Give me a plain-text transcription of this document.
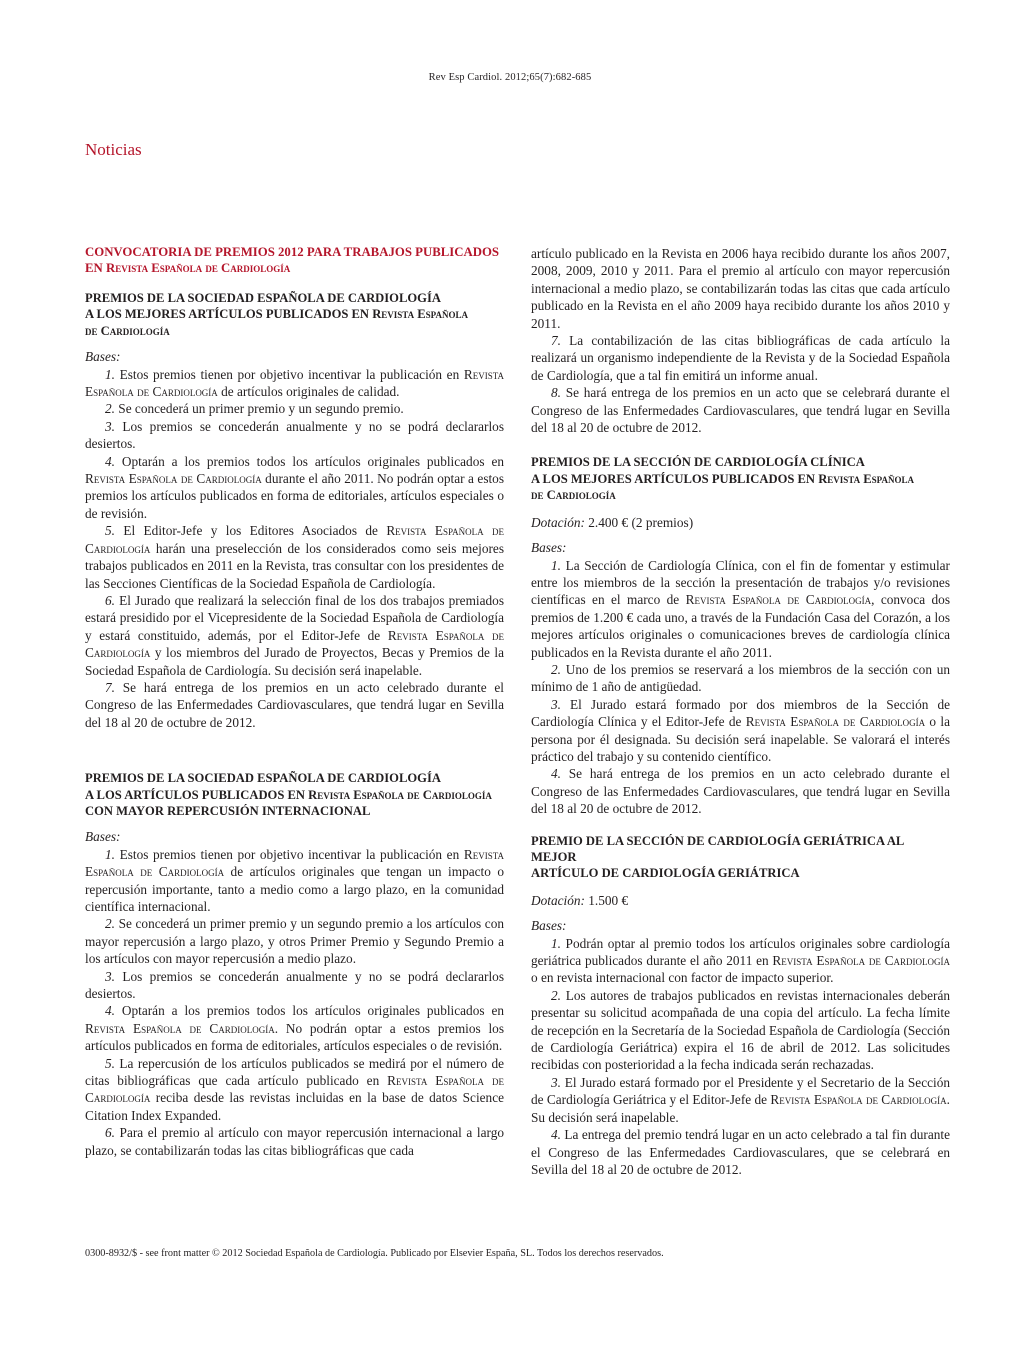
Rev Esp Cardiol. 2012;65(7):682-685
Noticias
CONVOCATORIA DE PREMIOS 2012 PARA TRABAJOS PUBLICADOS
EN Revista Española de Cardiología
PREMIOS DE LA SOCIEDAD ESPAÑOLA DE CARDIOLOGÍA
A LOS MEJORES ARTÍCULOS PUBLICADOS EN Revista Española
de Cardiología

Bases:

1. Estos premios tienen por objetivo incentivar la publicación en Revista Española de Cardiología de artículos originales de calidad.

2. Se concederá un primer premio y un segundo premio.

3. Los premios se concederán anualmente y no se podrá declararlos desiertos.

4. Optarán a los premios todos los artículos originales publicados en Revista Española de Cardiología durante el año 2011. No podrán optar a estos premios los artículos publicados en forma de editoriales, artículos especiales o de revisión.

5. El Editor-Jefe y los Editores Asociados de Revista Española de Cardiología harán una preselección de los considerados como seis mejores trabajos publicados en 2011 en la Revista, tras consultar con los presidentes de las Secciones Científicas de la Sociedad Española de Cardiología.

6. El Jurado que realizará la selección final de los dos trabajos premiados estará presidido por el Vicepresidente de la Sociedad Española de Cardiología y estará constituido, además, por el Editor-Jefe de Revista Española de Cardiología y los miembros del Jurado de Proyectos, Becas y Premios de la Sociedad Española de Cardiología. Su decisión será inapelable.

7. Se hará entrega de los premios en un acto celebrado durante el Congreso de las Enfermedades Cardiovasculares, que tendrá lugar en Sevilla del 18 al 20 de octubre de 2012.

PREMIOS DE LA SOCIEDAD ESPAÑOLA DE CARDIOLOGÍA
A LOS ARTÍCULOS PUBLICADOS EN Revista Española de Cardiología
CON MAYOR REPERCUSIÓN INTERNACIONAL

Bases:

1. Estos premios tienen por objetivo incentivar la publicación en Revista Española de Cardiología de artículos originales que tengan un impacto o repercusión importante, tanto a medio como a largo plazo, en la comunidad científica internacional.

2. Se concederá un primer premio y un segundo premio a los artículos con mayor repercusión a largo plazo, y otros Primer Premio y Segundo Premio a los artículos con mayor repercusión a medio plazo.

3. Los premios se concederán anualmente y no se podrá declararlos desiertos.

4. Optarán a los premios todos los artículos originales publicados en Revista Española de Cardiología. No podrán optar a estos premios los artículos publicados en forma de editoriales, artículos especiales o de revisión.

5. La repercusión de los artículos publicados se medirá por el número de citas bibliográficas que cada artículo publicado en Revista Española de Cardiología reciba desde las revistas incluidas en la base de datos Science Citation Index Expanded.

6. Para el premio al artículo con mayor repercusión internacional a largo plazo, se contabilizarán todas las citas bibliográficas que cada

artículo publicado en la Revista en 2006 haya recibido durante los años 2007, 2008, 2009, 2010 y 2011. Para el premio al artículo con mayor repercusión internacional a medio plazo, se contabilizarán todas las citas que cada artículo publicado en la Revista en el año 2009 haya recibido durante los años 2010 y 2011.

7. La contabilización de las citas bibliográficas de cada artículo la realizará un organismo independiente de la Revista y de la Sociedad Española de Cardiología, que a tal fin emitirá un informe anual.

8. Se hará entrega de los premios en un acto que se celebrará durante el Congreso de las Enfermedades Cardiovasculares, que tendrá lugar en Sevilla del 18 al 20 de octubre de 2012.

PREMIOS DE LA SECCIÓN DE CARDIOLOGÍA CLÍNICA
A LOS MEJORES ARTÍCULOS PUBLICADOS EN Revista Española
de Cardiología

Dotación: 2.400 € (2 premios)

Bases:

1. La Sección de Cardiología Clínica, con el fin de fomentar y estimular entre los miembros de la sección la presentación de trabajos y/o revisiones científicas en el marco de Revista Española de Cardiología, convoca dos premios de 1.200 € cada uno, a través de la Fundación Casa del Corazón, a los mejores artículos originales o comunicaciones breves de cardiología clínica publicados en la Revista durante el año 2011.

2. Uno de los premios se reservará a los miembros de la sección con un mínimo de 1 año de antigüedad.

3. El Jurado estará formado por dos miembros de la Sección de Cardiología Clínica y el Editor-Jefe de Revista Española de Cardiología o la persona por él designada. Su decisión será inapelable. Se valorará el interés práctico del trabajo y su contenido científico.

4. Se hará entrega de los premios en un acto celebrado durante el Congreso de las Enfermedades Cardiovasculares, que tendrá lugar en Sevilla del 18 al 20 de octubre de 2012.

PREMIO DE LA SECCIÓN DE CARDIOLOGÍA GERIÁTRICA AL MEJOR
ARTÍCULO DE CARDIOLOGÍA GERIÁTRICA

Dotación: 1.500 €

Bases:

1. Podrán optar al premio todos los artículos originales sobre cardiología geriátrica publicados durante el año 2011 en Revista Española de Cardiología o en revista internacional con factor de impacto superior.

2. Los autores de trabajos publicados en revistas internacionales deberán presentar su solicitud acompañada de una copia del artículo. La fecha límite de recepción en la Secretaría de la Sociedad Española de Cardiología (Sección de Cardiología Geriátrica) expira el 16 de abril de 2012. Las solicitudes recibidas con posterioridad a la fecha indicada serán rechazadas.

3. El Jurado estará formado por el Presidente y el Secretario de la Sección de Cardiología Geriátrica y el Editor-Jefe de Revista Española de Cardiología. Su decisión será inapelable.

4. La entrega del premio tendrá lugar en un acto celebrado a tal fin durante el Congreso de las Enfermedades Cardiovasculares, que se celebrará en Sevilla del 18 al 20 de octubre de 2012.

0300-8932/$ - see front matter © 2012 Sociedad Española de Cardiología. Publicado por Elsevier España, SL. Todos los derechos reservados.
